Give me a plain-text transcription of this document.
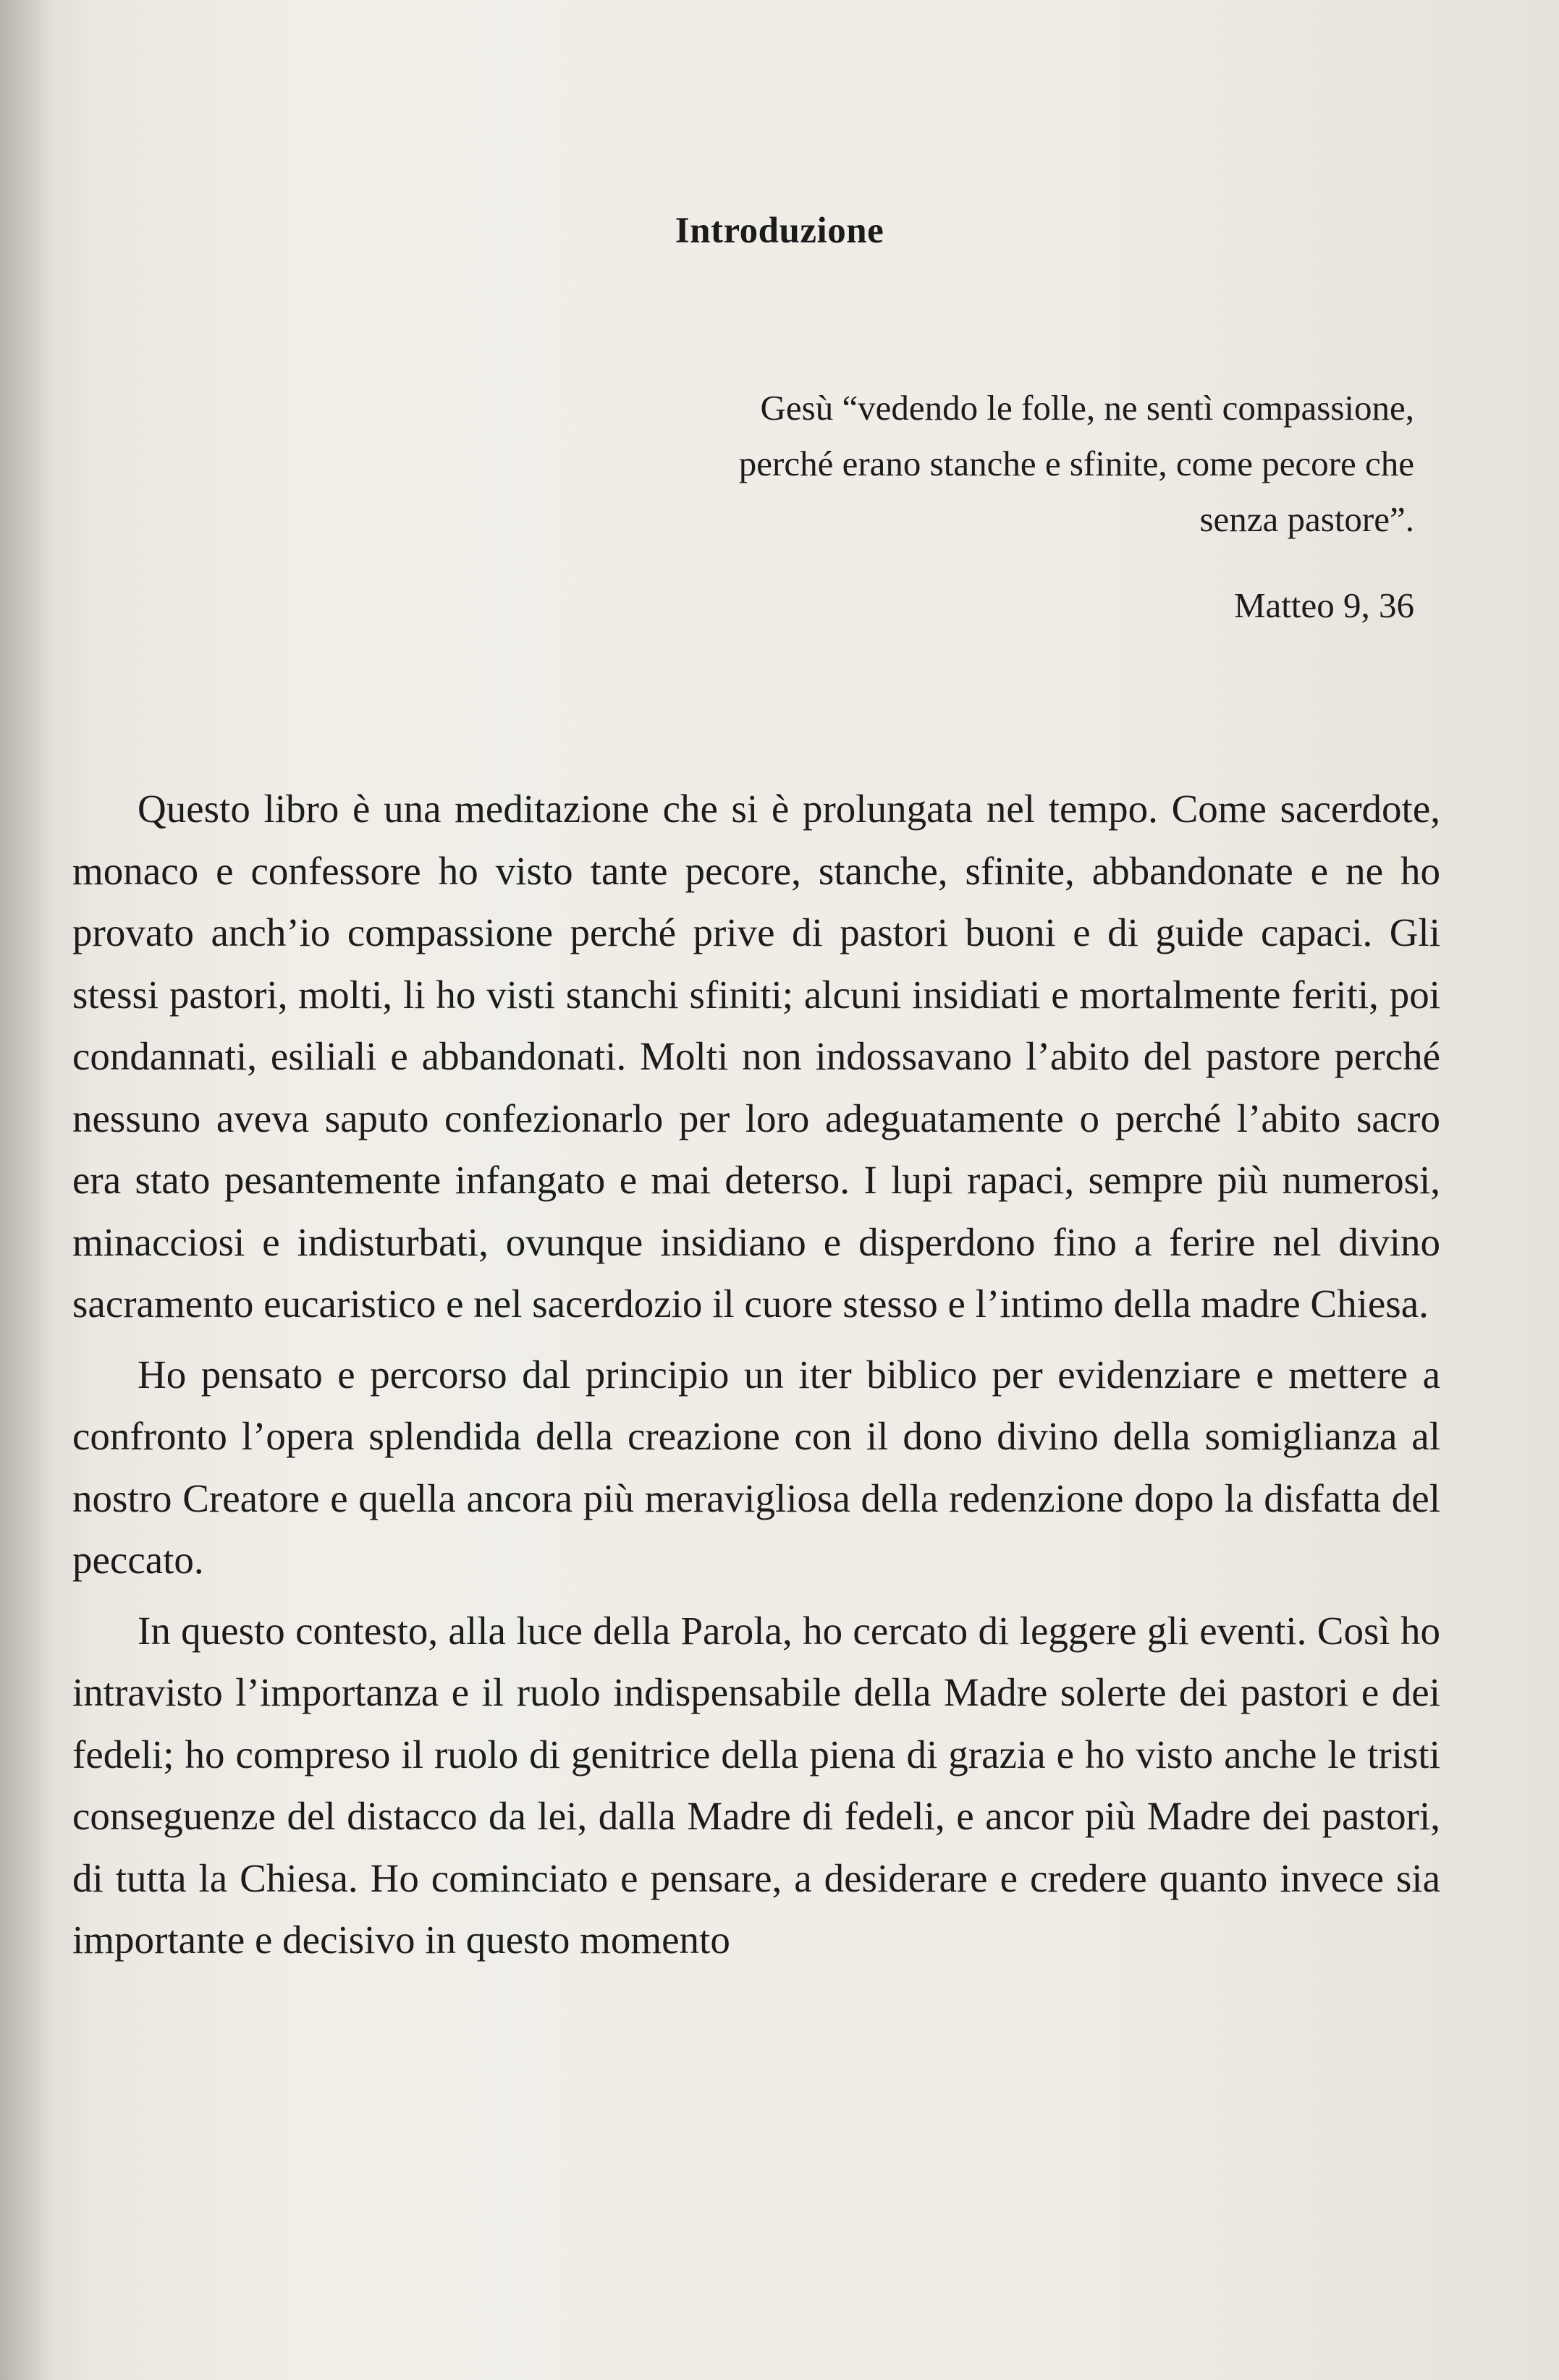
Introduzione
Gesù “vedendo le folle, ne sentì compassione,
perché erano stanche e sfinite, come pecore che
senza pastore”.
Matteo 9, 36

Questo libro è una meditazione che si è prolungata nel tempo. Come sacerdote, monaco e confessore ho visto tante pecore, stanche, sfinite, abbandonate e ne ho provato anch’io compassione perché prive di pastori buoni e di guide capaci. Gli stessi pastori, molti, li ho visti stanchi sfiniti; alcuni insidiati e mortalmente feriti, poi condannati, esiliali e abbandonati. Molti non indossavano l’abito del pastore perché nessuno aveva saputo confezionarlo per loro adeguatamente o perché l’abito sacro era stato pesantemente infangato e mai deterso. I lupi rapaci, sempre più numerosi, minacciosi e indisturbati, ovunque insidiano e disperdono fino a ferire nel divino sacramento eucaristico e nel sacerdozio il cuore stesso e l’intimo della madre Chiesa.

Ho pensato e percorso dal principio un iter biblico per evidenziare e mettere a confronto l’opera splendida della creazione con il dono divino della somiglianza al nostro Creatore e quella ancora più meravigliosa della redenzione dopo la disfatta del peccato.

In questo contesto, alla luce della Parola, ho cercato di leggere gli eventi. Così ho intravisto l’importanza e il ruolo indispensabile della Madre solerte dei pastori e dei fedeli; ho compreso il ruolo di genitrice della piena di grazia e ho visto anche le tristi conseguenze del distacco da lei, dalla Madre di fedeli, e ancor più Madre dei pastori, di tutta la Chiesa. Ho cominciato e pensare, a desiderare e credere quanto invece sia importante e decisivo in questo momento
